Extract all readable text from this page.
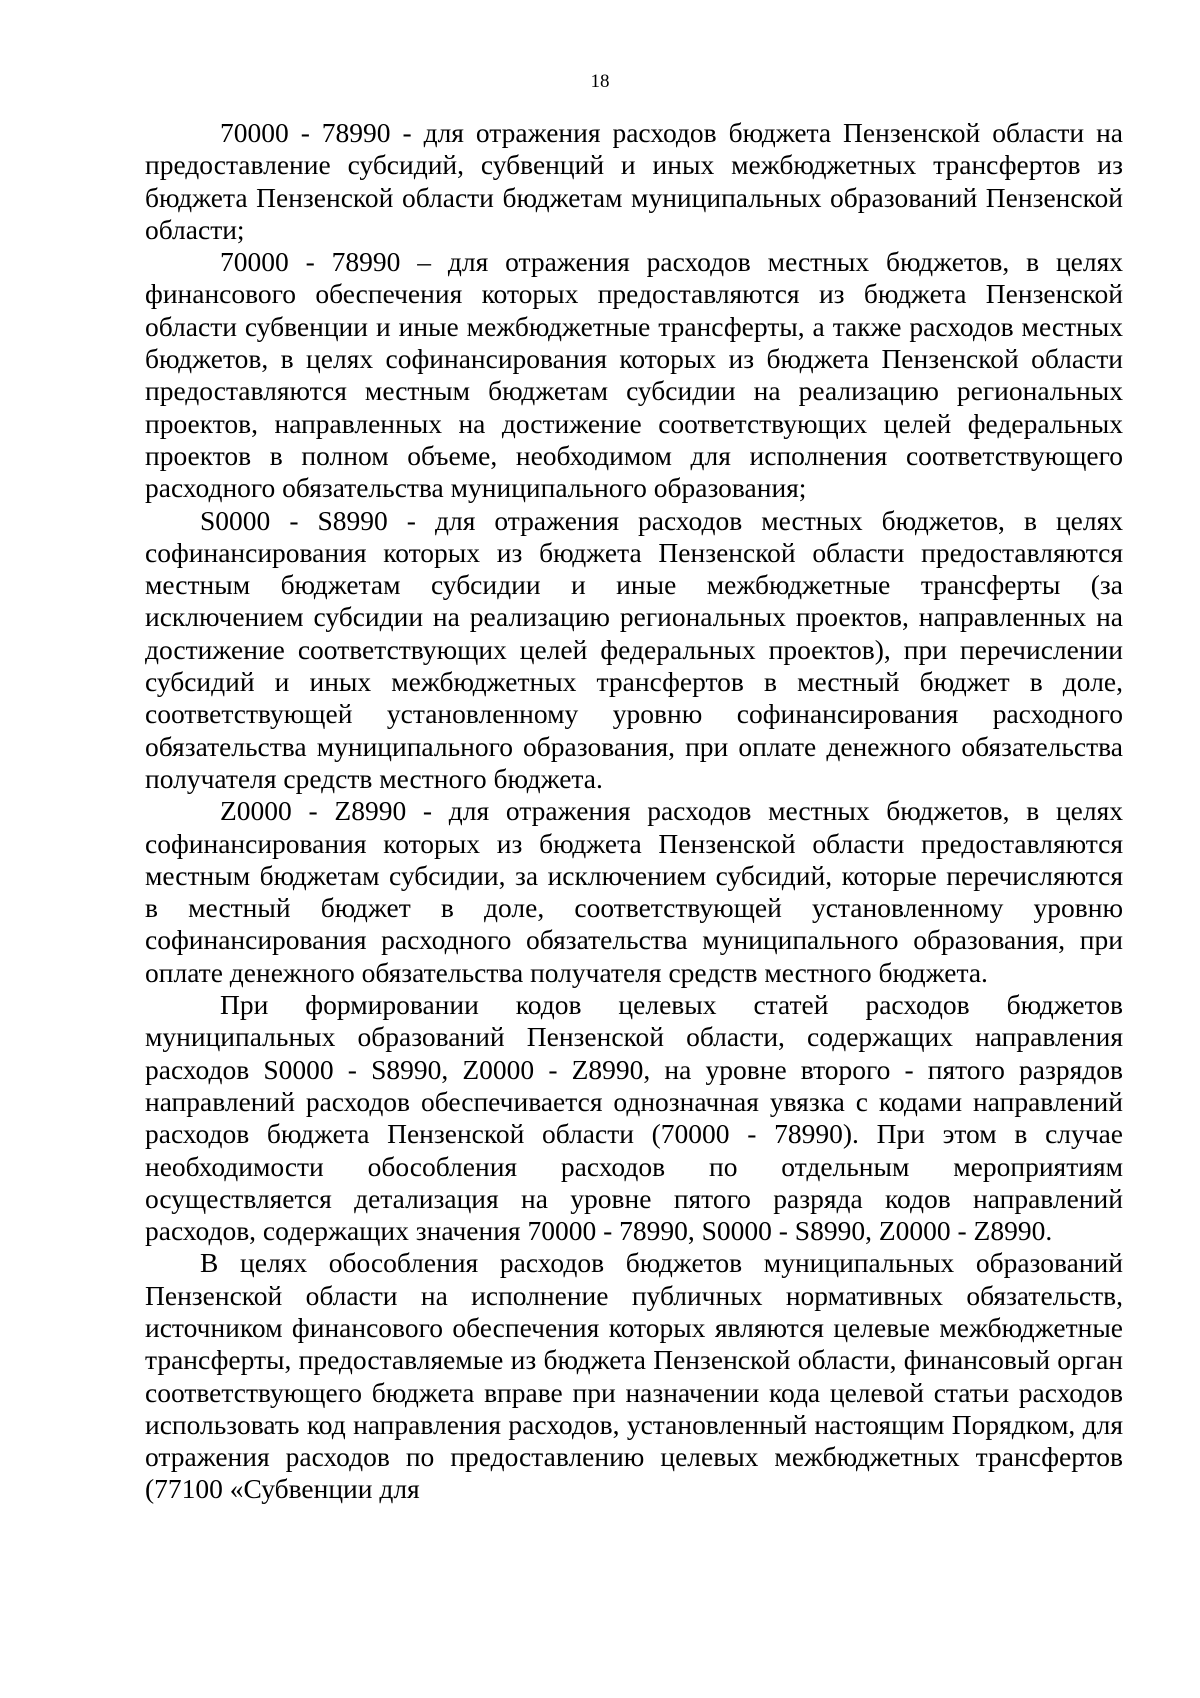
18

70000 - 78990 - для отражения расходов бюджета Пензенской области на предоставление субсидий, субвенций и иных межбюджетных трансфертов из бюджета Пензенской области бюджетам муниципальных образований Пензенской области;

70000 - 78990 – для отражения расходов местных бюджетов, в целях финансового обеспечения которых предоставляются из бюджета Пензенской области субвенции и иные межбюджетные трансферты, а также расходов местных бюджетов, в целях софинансирования которых из бюджета Пензенской области предоставляются местным бюджетам субсидии на реализацию региональных проектов, направленных на достижение соответствующих целей федеральных проектов в полном объеме, необходимом для исполнения соответствующего расходного обязательства муниципального образования;

S0000 - S8990 - для отражения расходов местных бюджетов, в целях софинансирования которых из бюджета Пензенской области предоставляются местным бюджетам субсидии и иные межбюджетные трансферты (за исключением субсидии на реализацию региональных проектов, направленных на достижение соответствующих целей федеральных проектов), при перечислении субсидий и иных межбюджетных трансфертов в местный бюджет в доле, соответствующей установленному уровню софинансирования расходного обязательства муниципального образования, при оплате денежного обязательства получателя средств местного бюджета.

Z0000 - Z8990 - для отражения расходов местных бюджетов, в целях софинансирования которых из бюджета Пензенской области предоставляются местным бюджетам субсидии, за исключением субсидий, которые перечисляются в местный бюджет в доле, соответствующей установленному уровню софинансирования расходного обязательства муниципального образования, при оплате денежного обязательства получателя средств местного бюджета.

При формировании кодов целевых статей расходов бюджетов муниципальных образований Пензенской области, содержащих направления расходов S0000 - S8990, Z0000 - Z8990, на уровне второго - пятого разрядов направлений расходов обеспечивается однозначная увязка с кодами направлений расходов бюджета Пензенской области (70000 - 78990). При этом в случае необходимости обособления расходов по отдельным мероприятиям осуществляется детализация на уровне пятого разряда кодов направлений расходов, содержащих значения 70000 - 78990, S0000 - S8990, Z0000 - Z8990.

В целях обособления расходов бюджетов муниципальных образований Пензенской области на исполнение публичных нормативных обязательств, источником финансового обеспечения которых являются целевые межбюджетные трансферты, предоставляемые из бюджета Пензенской области, финансовый орган соответствующего бюджета вправе при назначении кода целевой статьи расходов использовать код направления расходов, установленный настоящим Порядком, для отражения расходов по предоставлению целевых межбюджетных трансфертов (77100 «Субвенции для
